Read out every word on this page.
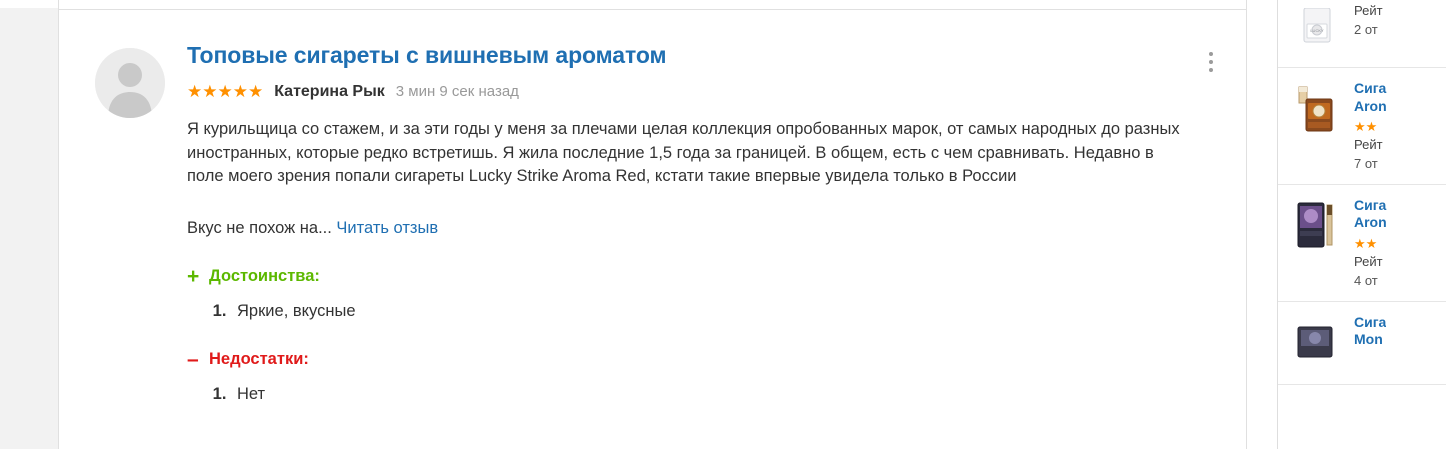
Топовые сигареты с вишневым ароматом
★★★★★ Катерина Рык 3 мин 9 сек назад

Я курильщица со стажем, и за эти годы у меня за плечами целая коллекция опробованных марок, от самых народных до разных иностранных, которые редко встретишь. Я жила последние 1,5 года за границей. В общем, есть с чем сравнивать. Недавно в поле моего зрения попали сигареты Lucky Strike Aroma Red, кстати такие впервые увидела только в России

Вкус не похож на... Читать отзыв
+ Достоинства:
1. Яркие, вкусные
– Недостатки:
1. Нет
LUCKY
Рейт
2 от
Сига
Aron
★★
Рейт
7 от
Сига
Aron
★★
Рейт
4 от
Сига
Mon
